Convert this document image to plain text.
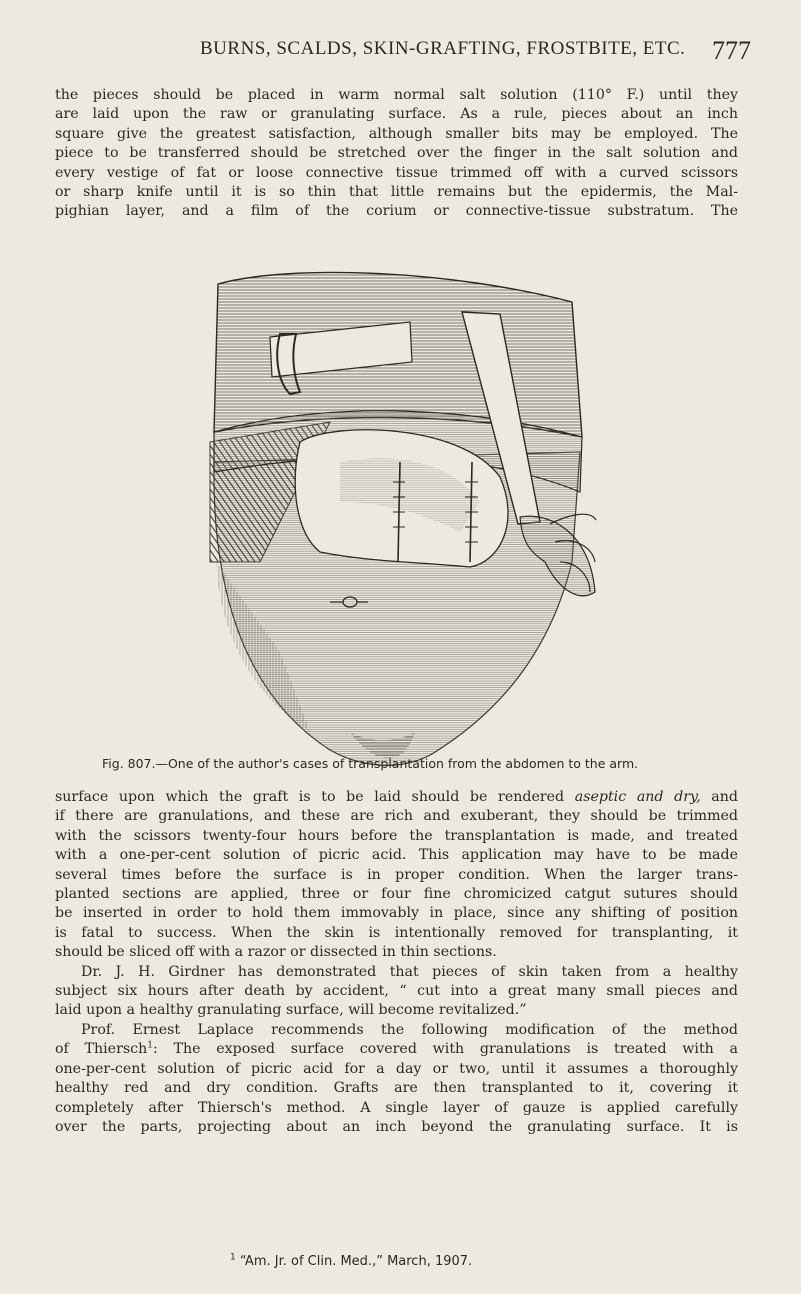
BURNS, SCALDS, SKIN-GRAFTING, FROSTBITE, ETC. 777
the pieces should be placed in warm normal salt solution (110° F.) until they
are laid upon the raw or granulating surface. As a rule, pieces about an inch
square give the greatest satisfaction, although smaller bits may be employed. The
piece to be transferred should be stretched over the finger in the salt solution and
every vestige of fat or loose connective tissue trimmed off with a curved scissors
or sharp knife until it is so thin that little remains but the epidermis, the Mal-
pighian layer, and a film of the corium or connective-tissue substratum. The
Fig. 807.—One of the author's cases of transplantation from the abdomen to the arm.
surface upon which the graft is to be laid should be rendered aseptic and dry, and
if there are granulations, and these are rich and exuberant, they should be trimmed
with the scissors twenty-four hours before the transplantation is made, and treated
with a one-per-cent solution of picric acid. This application may have to be made
several times before the surface is in proper condition. When the larger trans-
planted sections are applied, three or four fine chromicized catgut sutures should
be inserted in order to hold them immovably in place, since any shifting of position
is fatal to success. When the skin is intentionally removed for transplanting, it
should be sliced off with a razor or dissected in thin sections.
Dr. J. H. Girdner has demonstrated that pieces of skin taken from a healthy
subject six hours after death by accident, “ cut into a great many small pieces and
laid upon a healthy granulating surface, will become revitalized.”
Prof. Ernest Laplace recommends the following modification of the method
of Thiersch$^1$: The exposed surface covered with granulations is treated with a
one-per-cent solution of picric acid for a day or two, until it assumes a thoroughly
healthy red and dry condition. Grafts are then transplanted to it, covering it
completely after Thiersch's method. A single layer of gauze is applied carefully
over the parts, projecting about an inch beyond the granulating surface. It is
$^1$ “Am. Jr. of Clin. Med.,” March, 1907.
